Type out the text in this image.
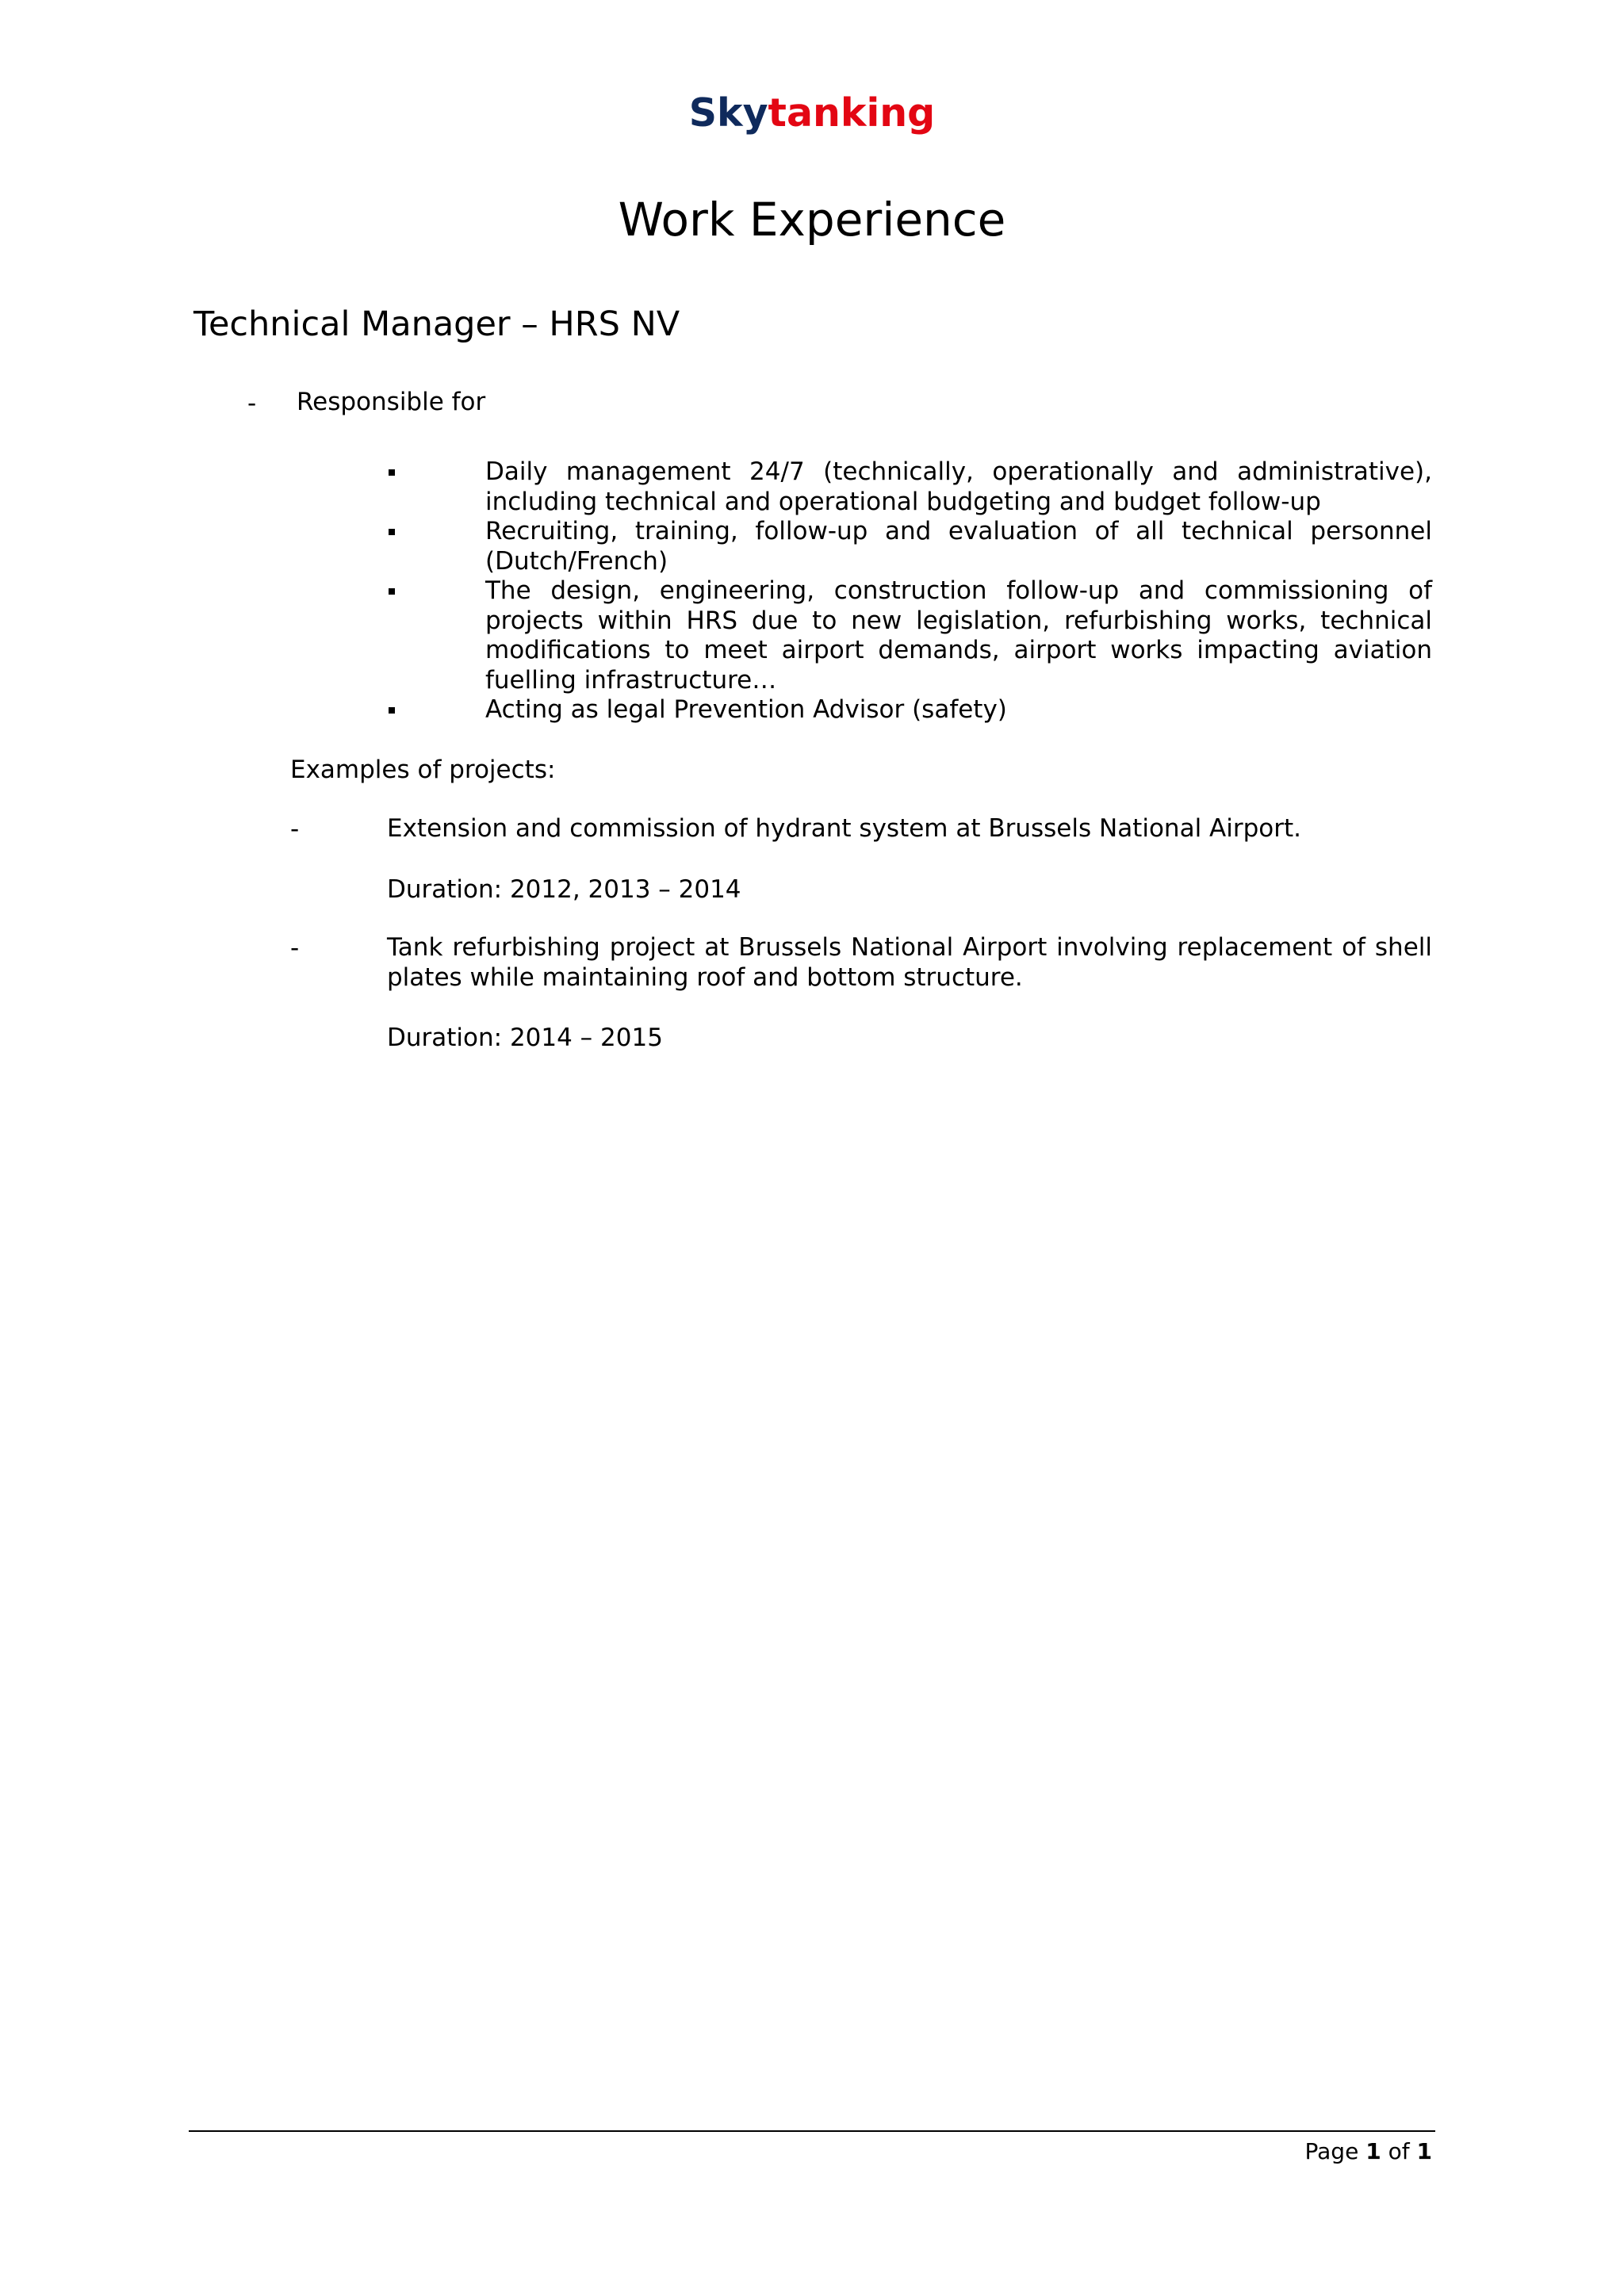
Skytanking
Work Experience
Technical Manager – HRS NV
- Responsible for
Daily management 24/7 (technically, operationally and administrative), including technical and operational budgeting and budget follow-up
Recruiting, training, follow-up and evaluation of all technical personnel (Dutch/French)
The design, engineering, construction follow-up and commissioning of projects within HRS due to new legislation, refurbishing works, technical modifications to meet airport demands, airport works impacting aviation fuelling infrastructure…
Acting as legal Prevention Advisor (safety)
Examples of projects:
-	Extension and commission of hydrant system at Brussels National Airport.
Duration: 2012, 2013 – 2014
-	Tank refurbishing project at Brussels National Airport involving replacement of shell plates while maintaining roof and bottom structure.
Duration: 2014 – 2015
Page 1 of 1
